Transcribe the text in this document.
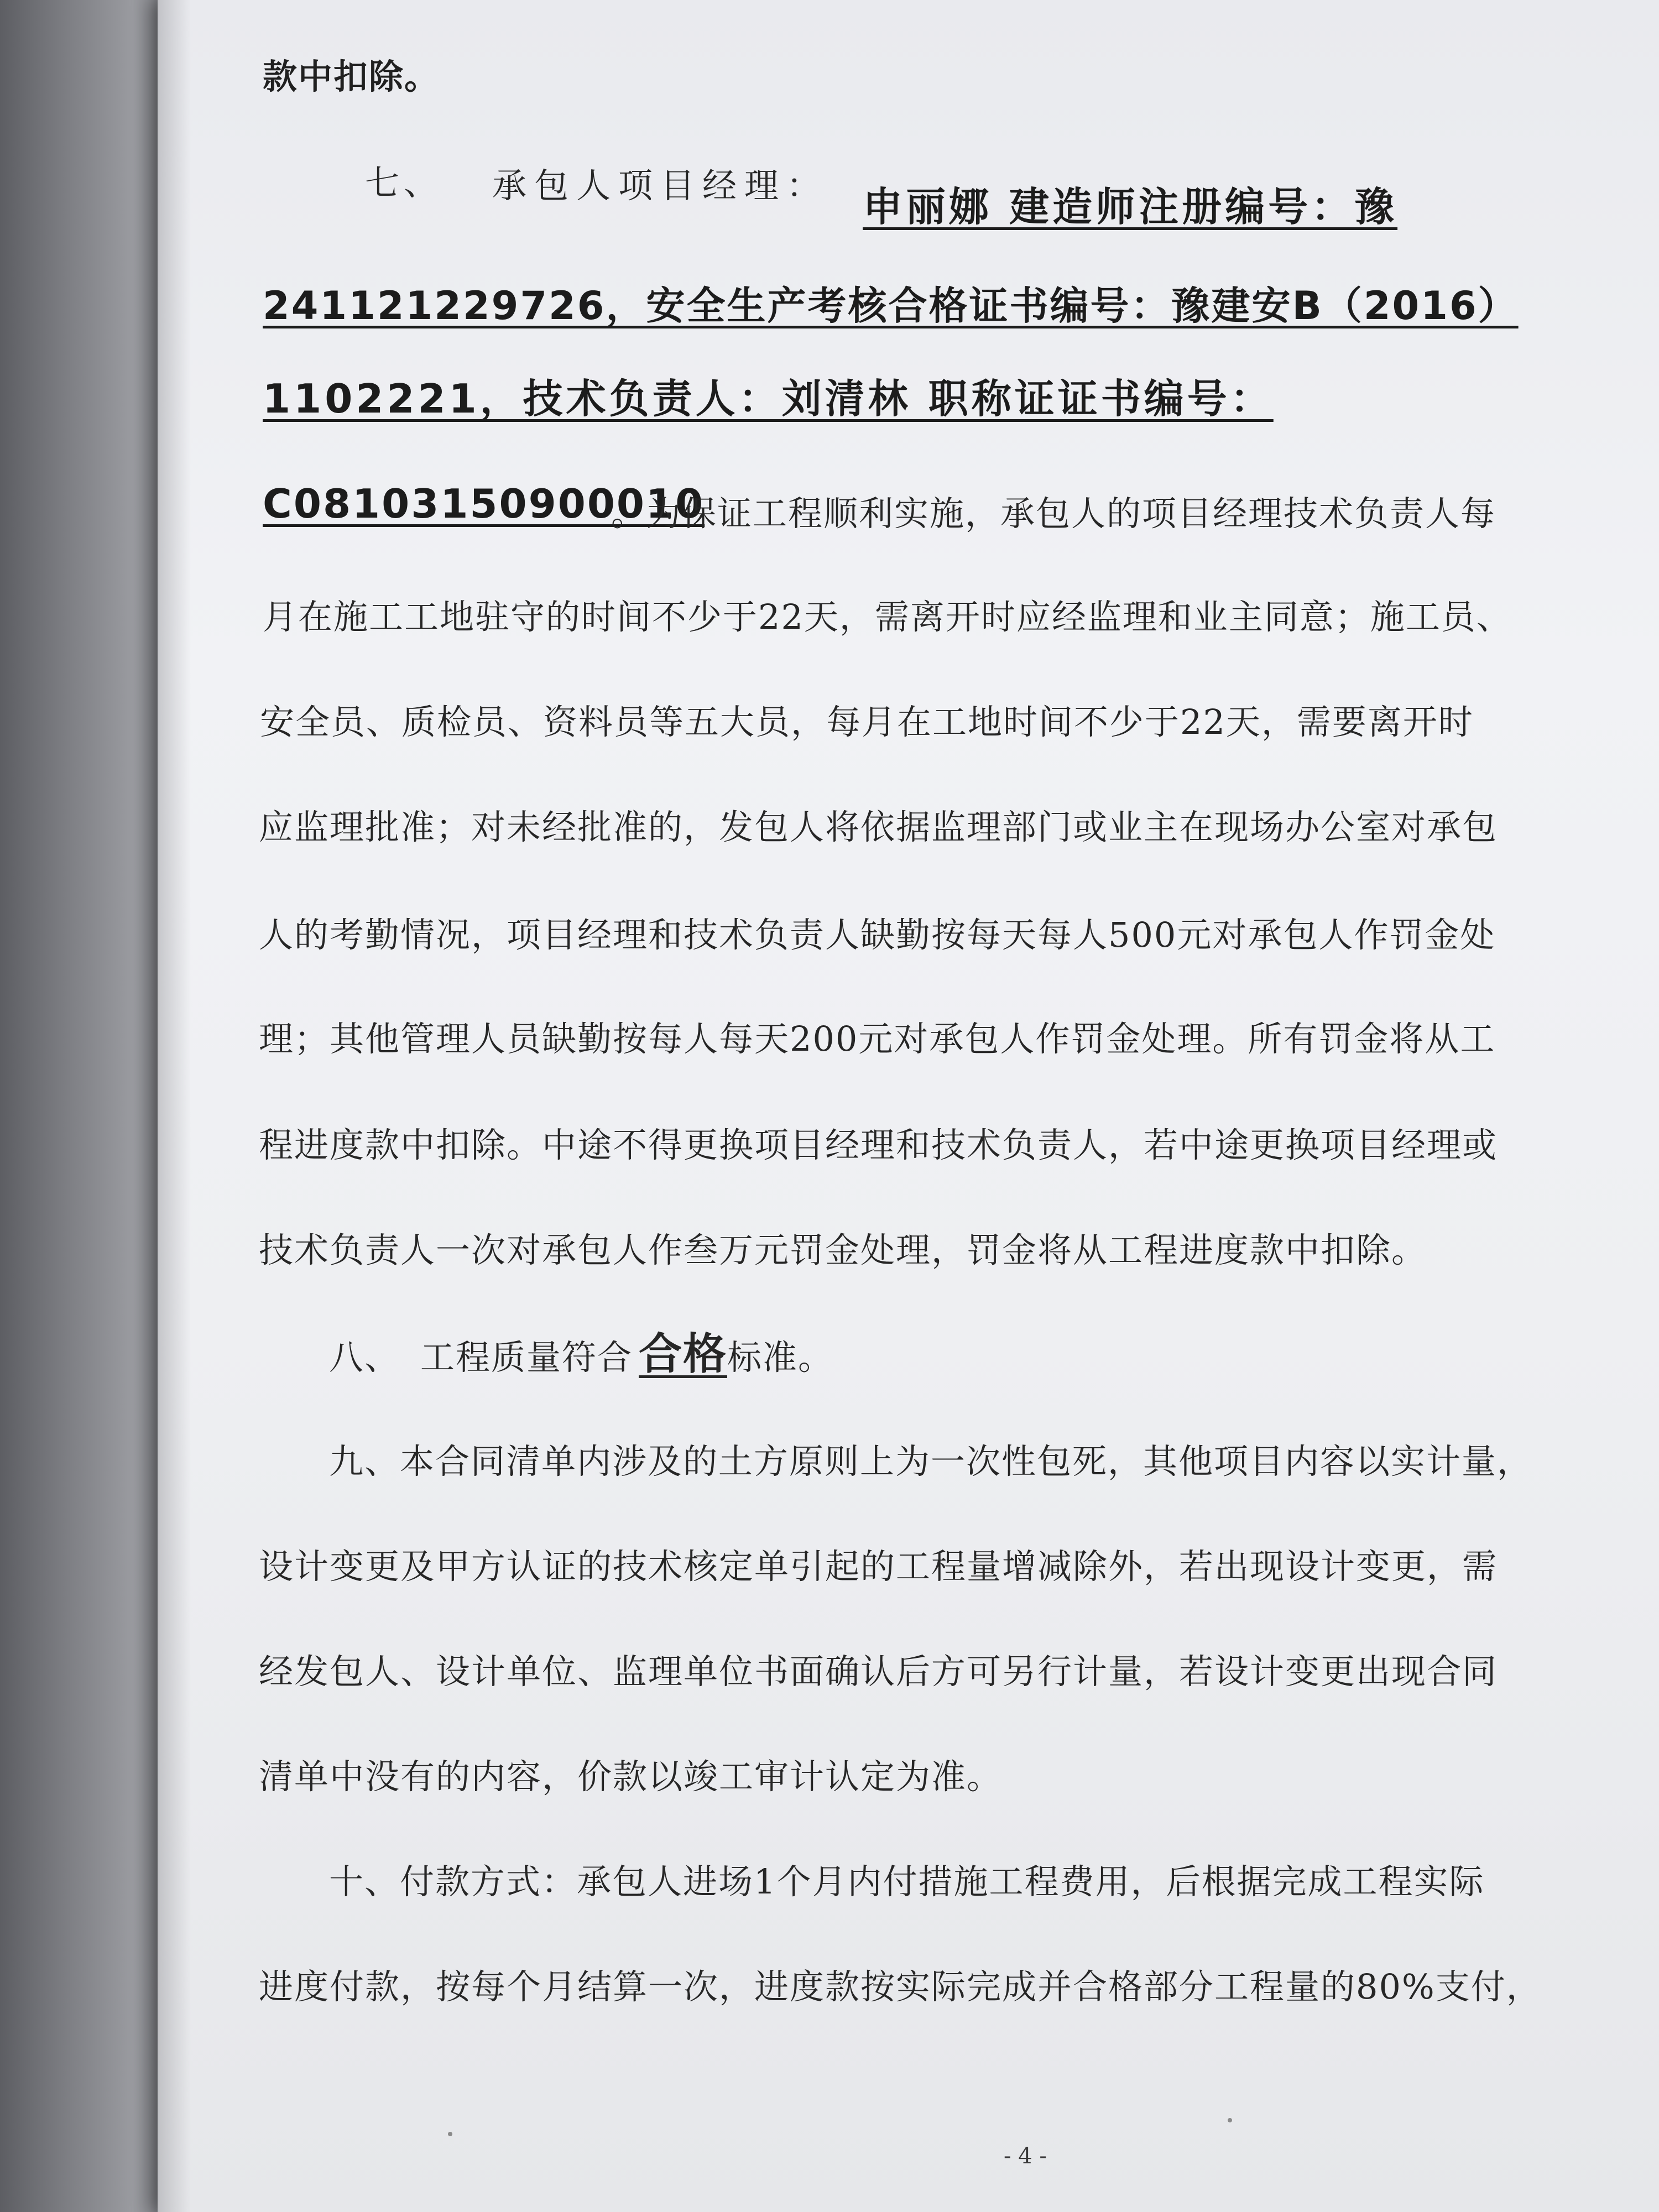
款中扣除。
七、 承包人项目经理： 申丽娜 建造师注册编号：豫
241121229726，安全生产考核合格证书编号：豫建安B（2016）
1102221，技术负责人：刘清林 职称证证书编号：
C08103150900010
。为保证工程顺利实施，承包人的项目经理技术负责人每
月在施工工地驻守的时间不少于22天，需离开时应经监理和业主同意；施工员、
安全员、质检员、资料员等五大员，每月在工地时间不少于22天，需要离开时
应监理批准；对未经批准的，发包人将依据监理部门或业主在现场办公室对承包
人的考勤情况，项目经理和技术负责人缺勤按每天每人500元对承包人作罚金处
理；其他管理人员缺勤按每人每天200元对承包人作罚金处理。所有罚金将从工
程进度款中扣除。中途不得更换项目经理和技术负责人，若中途更换项目经理或
技术负责人一次对承包人作叁万元罚金处理，罚金将从工程进度款中扣除。
八、 工程质量符合 合格 标准。
九、本合同清单内涉及的土方原则上为一次性包死，其他项目内容以实计量，
设计变更及甲方认证的技术核定单引起的工程量增减除外，若出现设计变更，需
经发包人、设计单位、监理单位书面确认后方可另行计量，若设计变更出现合同
清单中没有的内容，价款以竣工审计认定为准。
十、付款方式：承包人进场1个月内付措施工程费用，后根据完成工程实际
进度付款，按每个月结算一次，进度款按实际完成并合格部分工程量的80%支付，
- 4 -
